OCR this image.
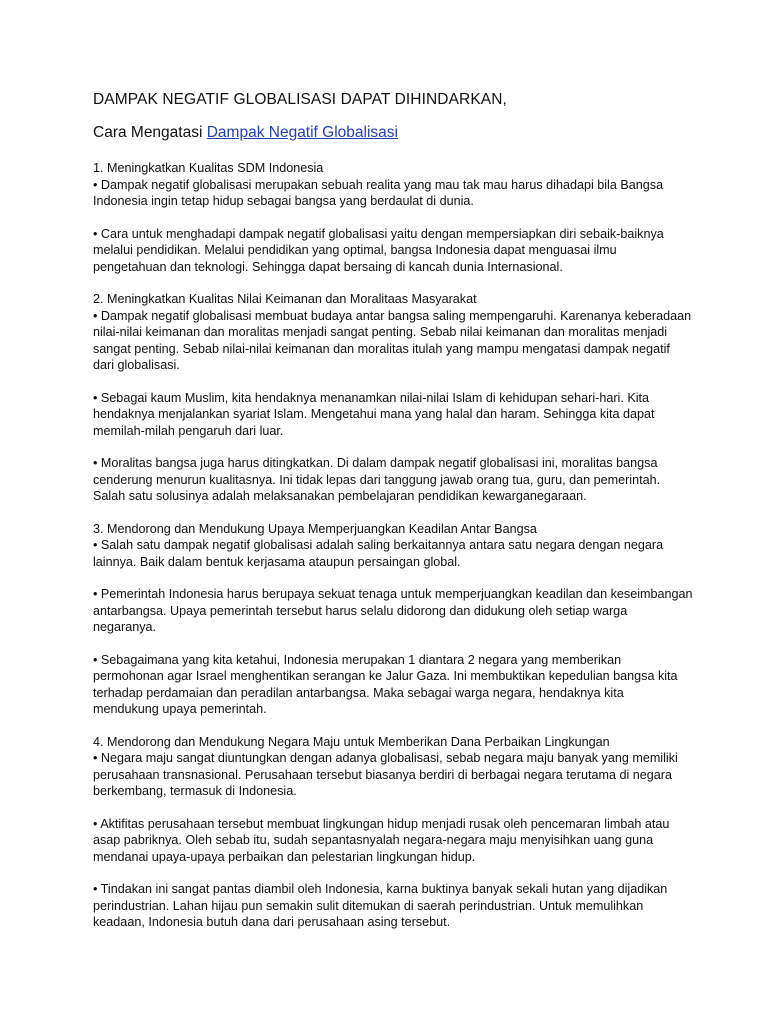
DAMPAK NEGATIF GLOBALISASI DAPAT DIHINDARKAN,

Cara Mengatasi Dampak Negatif Globalisasi

1. Meningkatkan Kualitas SDM Indonesia

• Dampak negatif globalisasi merupakan sebuah realita yang mau tak mau harus dihadapi bila Bangsa Indonesia ingin tetap hidup sebagai bangsa yang berdaulat di dunia.

• Cara untuk menghadapi dampak negatif globalisasi yaitu dengan mempersiapkan diri sebaik-baiknya melalui pendidikan. Melalui pendidikan yang optimal, bangsa Indonesia dapat menguasai ilmu pengetahuan dan teknologi. Sehingga dapat bersaing di kancah dunia Internasional.

2. Meningkatkan Kualitas Nilai Keimanan dan Moralitaas Masyarakat

• Dampak negatif globalisasi membuat budaya antar bangsa saling mempengaruhi. Karenanya keberadaan nilai-nilai keimanan dan moralitas menjadi sangat penting. Sebab nilai keimanan dan moralitas menjadi sangat penting. Sebab nilai-nilai keimanan dan moralitas itulah yang mampu mengatasi dampak negatif dari globalisasi.

• Sebagai kaum Muslim, kita hendaknya menanamkan nilai-nilai Islam di kehidupan sehari-hari. Kita hendaknya menjalankan syariat Islam. Mengetahui mana yang halal dan haram. Sehingga kita dapat memilah-milah pengaruh dari luar.

• Moralitas bangsa juga harus ditingkatkan. Di dalam dampak negatif globalisasi ini, moralitas bangsa cenderung menurun kualitasnya. Ini tidak lepas dari tanggung jawab orang tua, guru, dan pemerintah. Salah satu solusinya adalah melaksanakan pembelajaran pendidikan kewarganegaraan.

3. Mendorong dan Mendukung Upaya Memperjuangkan Keadilan Antar Bangsa

• Salah satu dampak negatif globalisasi adalah saling berkaitannya antara satu negara dengan negara lainnya. Baik dalam bentuk kerjasama ataupun persaingan global.

• Pemerintah Indonesia harus berupaya sekuat tenaga untuk memperjuangkan keadilan dan keseimbangan antarbangsa. Upaya pemerintah tersebut harus selalu didorong dan didukung oleh setiap warga negaranya.

• Sebagaimana yang kita ketahui, Indonesia merupakan 1 diantara 2 negara yang memberikan permohonan agar Israel menghentikan serangan ke Jalur Gaza. Ini membuktikan kepedulian bangsa kita terhadap perdamaian dan peradilan antarbangsa. Maka sebagai warga negara, hendaknya kita mendukung upaya pemerintah.

4. Mendorong dan Mendukung Negara Maju untuk Memberikan Dana Perbaikan Lingkungan

• Negara maju sangat diuntungkan dengan adanya globalisasi, sebab negara maju banyak yang memiliki perusahaan transnasional. Perusahaan tersebut biasanya berdiri di berbagai negara terutama di negara berkembang, termasuk di Indonesia.

• Aktifitas perusahaan tersebut membuat lingkungan hidup menjadi rusak oleh pencemaran limbah atau asap pabriknya. Oleh sebab itu, sudah sepantasnyalah negara-negara maju menyisihkan uang guna mendanai upaya-upaya perbaikan dan pelestarian lingkungan hidup.

• Tindakan ini sangat pantas diambil oleh Indonesia, karna buktinya banyak sekali hutan yang dijadikan perindustrian. Lahan hijau pun semakin sulit ditemukan di saerah perindustrian. Untuk memulihkan keadaan, Indonesia butuh dana dari perusahaan asing tersebut.
